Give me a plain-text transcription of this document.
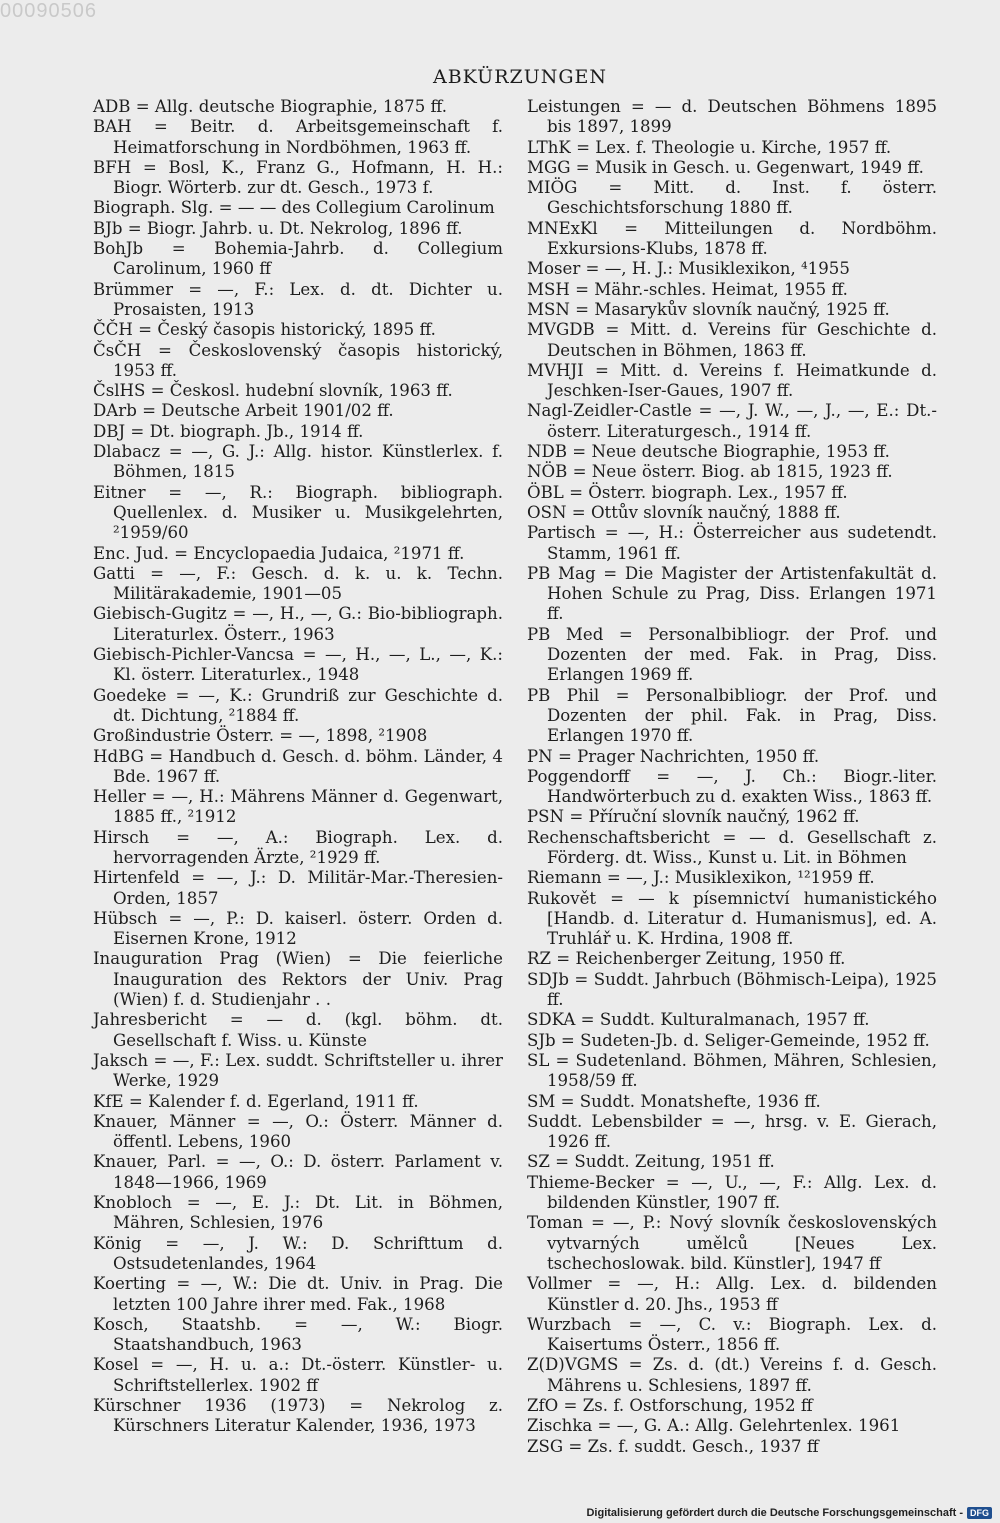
00090506
ABKÜRZUNGEN

ADB = Allg. deutsche Biographie, 1875 ff.

BAH = Beitr. d. Arbeitsgemeinschaft f. Heimatforschung in Nordböhmen, 1963 ff.

BFH = Bosl, K., Franz G., Hofmann, H. H.: Biogr. Wörterb. zur dt. Gesch., 1973 f.

Biograph. Slg. = — — des Collegium Carolinum

BJb = Biogr. Jahrb. u. Dt. Nekrolog, 1896 ff.

BohJb = Bohemia-Jahrb. d. Collegium Carolinum, 1960 ff

Brümmer = —, F.: Lex. d. dt. Dichter u. Prosaisten, 1913

ČČH = Český časopis historický, 1895 ff.

ČsČH = Československý časopis historický, 1953 ff.

ČslHS = Českosl. hudební slovník, 1963 ff.

DArb = Deutsche Arbeit 1901/02 ff.

DBJ = Dt. biograph. Jb., 1914 ff.

Dlabacz = —, G. J.: Allg. histor. Künstlerlex. f. Böhmen, 1815

Eitner = —, R.: Biograph. bibliograph. Quellenlex. d. Musiker u. Musikgelehrten, ²1959/60

Enc. Jud. = Encyclopaedia Judaica, ²1971 ff.

Gatti = —, F.: Gesch. d. k. u. k. Techn. Militärakademie, 1901—05

Giebisch-Gugitz = —, H., —, G.: Bio-bibliograph. Literaturlex. Österr., 1963

Giebisch-Pichler-Vancsa = —, H., —, L., —, K.: Kl. österr. Literaturlex., 1948

Goedeke = —, K.: Grundriß zur Geschichte d. dt. Dichtung, ²1884 ff.

Großindustrie Österr. = —, 1898, ²1908

HdBG = Handbuch d. Gesch. d. böhm. Länder, 4 Bde. 1967 ff.

Heller = —, H.: Mährens Männer d. Gegenwart, 1885 ff., ²1912

Hirsch = —, A.: Biograph. Lex. d. hervorragenden Ärzte, ²1929 ff.

Hirtenfeld = —, J.: D. Militär-Mar.-Theresien-Orden, 1857

Hübsch = —, P.: D. kaiserl. österr. Orden d. Eisernen Krone, 1912

Inauguration Prag (Wien) = Die feierliche Inauguration des Rektors der Univ. Prag (Wien) f. d. Studienjahr . .

Jahresbericht = — d. (kgl. böhm. dt. Gesellschaft f. Wiss. u. Künste

Jaksch = —, F.: Lex. suddt. Schriftsteller u. ihrer Werke, 1929

KfE = Kalender f. d. Egerland, 1911 ff.

Knauer, Männer = —, O.: Österr. Männer d. öffentl. Lebens, 1960

Knauer, Parl. = —, O.: D. österr. Parlament v. 1848—1966, 1969

Knobloch = —, E. J.: Dt. Lit. in Böhmen, Mähren, Schlesien, 1976

König = —, J. W.: D. Schrifttum d. Ostsudetenlandes, 1964

Koerting = —, W.: Die dt. Univ. in Prag. Die letzten 100 Jahre ihrer med. Fak., 1968

Kosch, Staatshb. = —, W.: Biogr. Staatshandbuch, 1963

Kosel = —, H. u. a.: Dt.-österr. Künstler- u. Schriftstellerlex. 1902 ff

Kürschner 1936 (1973) = Nekrolog z. Kürschners Literatur Kalender, 1936, 1973

Leistungen = — d. Deutschen Böhmens 1895 bis 1897, 1899

LThK = Lex. f. Theologie u. Kirche, 1957 ff.

MGG = Musik in Gesch. u. Gegenwart, 1949 ff.

MIÖG = Mitt. d. Inst. f. österr. Geschichtsforschung 1880 ff.

MNExKl = Mitteilungen d. Nordböhm. Exkursions-Klubs, 1878 ff.

Moser = —, H. J.: Musiklexikon, ⁴1955

MSH = Mähr.-schles. Heimat, 1955 ff.

MSN = Masarykův slovník naučný, 1925 ff.

MVGDB = Mitt. d. Vereins für Geschichte d. Deutschen in Böhmen, 1863 ff.

MVHJI = Mitt. d. Vereins f. Heimatkunde d. Jeschken-Iser-Gaues, 1907 ff.

Nagl-Zeidler-Castle = —, J. W., —, J., —, E.: Dt.-österr. Literaturgesch., 1914 ff.

NDB = Neue deutsche Biographie, 1953 ff.

NÖB = Neue österr. Biog. ab 1815, 1923 ff.

ÖBL = Österr. biograph. Lex., 1957 ff.

OSN = Ottův slovník naučný, 1888 ff.

Partisch = —, H.: Österreicher aus sudetendt. Stamm, 1961 ff.

PB Mag = Die Magister der Artistenfakultät d. Hohen Schule zu Prag, Diss. Erlangen 1971 ff.

PB Med = Personalbibliogr. der Prof. und Dozenten der med. Fak. in Prag, Diss. Erlangen 1969 ff.

PB Phil = Personalbibliogr. der Prof. und Dozenten der phil. Fak. in Prag, Diss. Erlangen 1970 ff.

PN = Prager Nachrichten, 1950 ff.

Poggendorff = —, J. Ch.: Biogr.-liter. Handwörterbuch zu d. exakten Wiss., 1863 ff.

PSN = Příruční slovník naučný, 1962 ff.

Rechenschaftsbericht = — d. Gesellschaft z. Förderg. dt. Wiss., Kunst u. Lit. in Böhmen

Riemann = —, J.: Musiklexikon, ¹²1959 ff.

Rukovět = — k písemnictví humanistického [Handb. d. Literatur d. Humanismus], ed. A. Truhlář u. K. Hrdina, 1908 ff.

RZ = Reichenberger Zeitung, 1950 ff.

SDJb = Suddt. Jahrbuch (Böhmisch-Leipa), 1925 ff.

SDKA = Suddt. Kulturalmanach, 1957 ff.

SJb = Sudeten-Jb. d. Seliger-Gemeinde, 1952 ff.

SL = Sudetenland. Böhmen, Mähren, Schlesien, 1958/59 ff.

SM = Suddt. Monatshefte, 1936 ff.

Suddt. Lebensbilder = —, hrsg. v. E. Gierach, 1926 ff.

SZ = Suddt. Zeitung, 1951 ff.

Thieme-Becker = —, U., —, F.: Allg. Lex. d. bildenden Künstler, 1907 ff.

Toman = —, P.: Nový slovník československých vytvarných umělců [Neues Lex. tschechoslowak. bild. Künstler], 1947 ff

Vollmer = —, H.: Allg. Lex. d. bildenden Künstler d. 20. Jhs., 1953 ff

Wurzbach = —, C. v.: Biograph. Lex. d. Kaisertums Österr., 1856 ff.

Z(D)VGMS = Zs. d. (dt.) Vereins f. d. Gesch. Mährens u. Schlesiens, 1897 ff.

ZfO = Zs. f. Ostforschung, 1952 ff

Zischka = —, G. A.: Allg. Gelehrtenlex. 1961

ZSG = Zs. f. suddt. Gesch., 1937 ff

Digitalisierung gefördert durch die Deutsche Forschungsgemeinschaft - DFG
